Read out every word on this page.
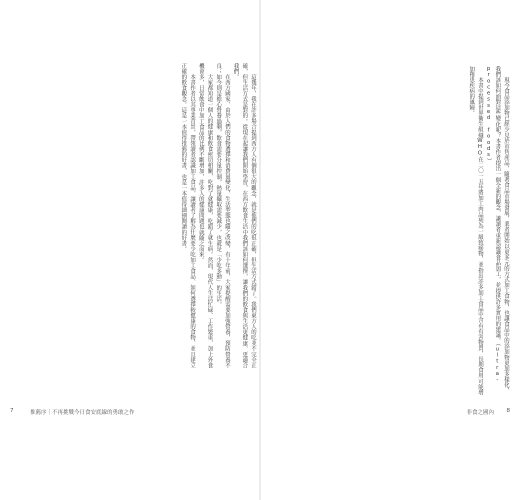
這幾年，我在許多場合提到西方人有個很大的觀念，就是他們的吃很正確，但生活方式錯了。我們東方人的吃並不完全正確，但生活方式是對的。從現在起讓我們開始學習，在西方飲食生活中我們該如何選擇，讓我們的飲食與生活更健康、更適合我們。

在西方國家，由於人們的食物選擇和消費量變化，生活型態也隨之改變，有十年前，大家提醒需要加強營養，預防營養不良；如今則是擔心營養過剩，飲食需要分量控制，熱量攝取需要減少，也就是「少吃多動」的生活。

大家都知道一個人的健康和飲食密切相關，吃對了就健康，吃錯了就生病。然而，現代人生活忙碌、工作繁重，加上外食機會多，日常飲食中加工食品的比例不斷增加，許多人的健康問題也就隨之而來。

本書作者以其專業背景，帶領讀者認識加工食品，讓讀者了解為什麼要少吃加工食品、如何選擇較健康的食物，並且建立正確的飲食觀念。這是一本值得推薦的好書，也是一本值得細細閱讀的好書。

7	推薦序｜不再挑戰今日食安底線的勇敢之作

現今食品添加物已經少見於市售產品，隨著食品市場發展，業者開始以更多元的方式加工食物，也讓食品中的添加物更加多樣化，我們該如何面對這些變化呢？本書作者提出一個全新的觀念，讓讀者重新認識食品加工，並提供許多實用的建議。（ultra-processed foods）

本書中提到世界衛生組織WHO在二〇一五年將加工肉品列為一級致癌物，並指出許多加工食品中含有有害物質，長期食用可能增加罹患疾病的風險。

非食之國內 8
